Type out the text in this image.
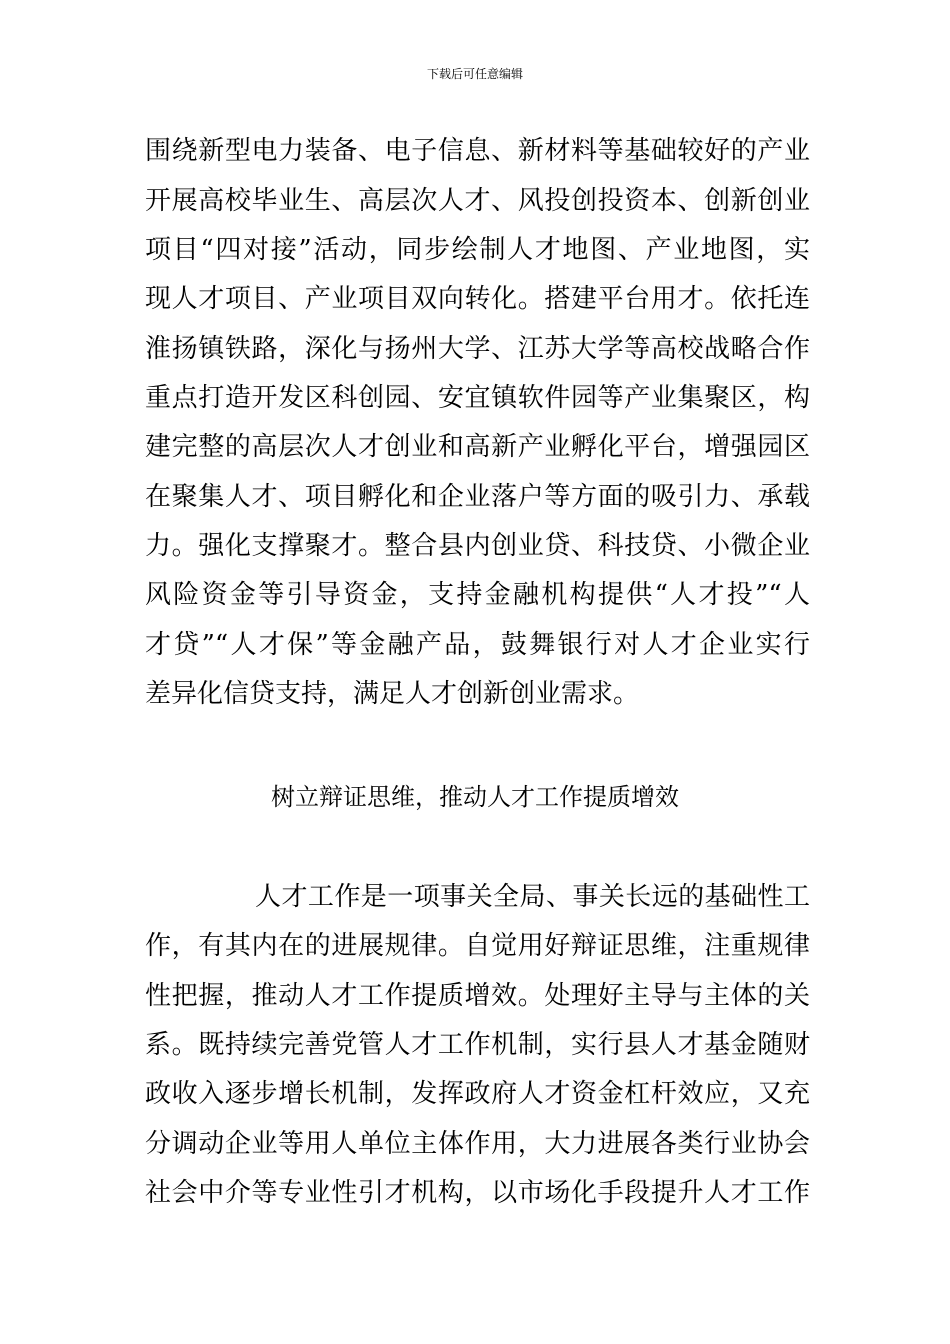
下载后可任意编辑
围绕新型电力装备、电子信息、新材料等基础较好的产业
开展高校毕业生、高层次人才、风投创投资本、创新创业
项目“四对接”活动，同步绘制人才地图、产业地图，实
现人才项目、产业项目双向转化。搭建平台用才。依托连
淮扬镇铁路，深化与扬州大学、江苏大学等高校战略合作
重点打造开发区科创园、安宜镇软件园等产业集聚区，构
建完整的高层次人才创业和高新产业孵化平台，增强园区
在聚集人才、项目孵化和企业落户等方面的吸引力、承载
力。强化支撑聚才。整合县内创业贷、科技贷、小微企业
风险资金等引导资金，支持金融机构提供“人才投”“人
才贷”“人才保”等金融产品，鼓舞银行对人才企业实行
差异化信贷支持，满足人才创新创业需求。
树立辩证思维，推动人才工作提质增效
人才工作是一项事关全局、事关长远的基础性工
作，有其内在的进展规律。自觉用好辩证思维，注重规律
性把握，推动人才工作提质增效。处理好主导与主体的关
系。既持续完善党管人才工作机制，实行县人才基金随财
政收入逐步增长机制，发挥政府人才资金杠杆效应，又充
分调动企业等用人单位主体作用，大力进展各类行业协会
社会中介等专业性引才机构，以市场化手段提升人才工作
